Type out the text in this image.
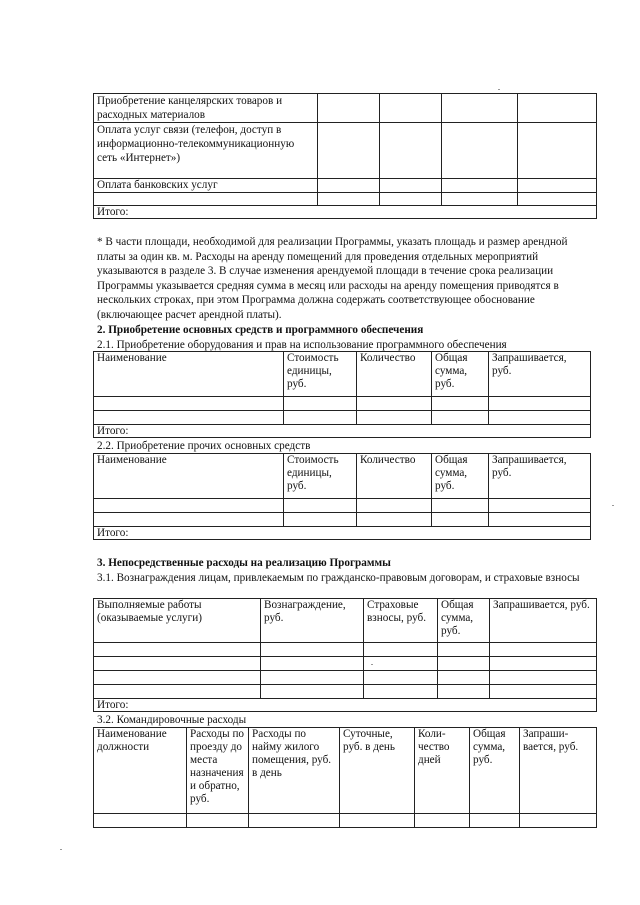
Приобретение канцелярских товаров и расходных материалов				
Оплата услуг связи (телефон, доступ в информационно-телекоммуникационную сеть «Интернет»)				
Оплата банковских услуг				

Итого:				

* В части площади, необходимой для реализации Программы, указать площадь и размер арендной платы за один кв. м. Расходы на аренду помещений для проведения отдельных мероприятий указываются в разделе 3. В случае изменения арендуемой площади в течение срока реализации Программы указывается средняя сумма в месяц или расходы на аренду помещения приводятся в нескольких строках, при этом Программа должна содержать соответствующее обоснование (включающее расчет арендной платы).

2. Приобретение основных средств и программного обеспечения

2.1. Приобретение оборудования и прав на использование программного обеспечения

Наименование	Стоимость единицы, руб.	Количество	Общая сумма, руб.	Запрашивается, руб.

Итого:				

2.2. Приобретение прочих основных средств

Наименование	Стоимость единицы, руб.	Количество	Общая сумма, руб.	Запрашивается, руб.

Итого:				

3. Непосредственные расходы на реализацию Программы

3.1. Вознаграждения лицам, привлекаемым по гражданско-правовым договорам, и страховые взносы

Выполняемые работы (оказываемые услуги)	Вознаграждение, руб.	Страховые взносы, руб.	Общая сумма, руб.	Запрашивается, руб.

Итого:				

3.2. Командировочные расходы

Наименование должности	Расходы по проезду до места назначения и обратно, руб.	Расходы по найму жилого помещения, руб. в день	Суточные, руб. в день	Коли-чество дней	Общая сумма, руб.	Запраши-вается, руб.
